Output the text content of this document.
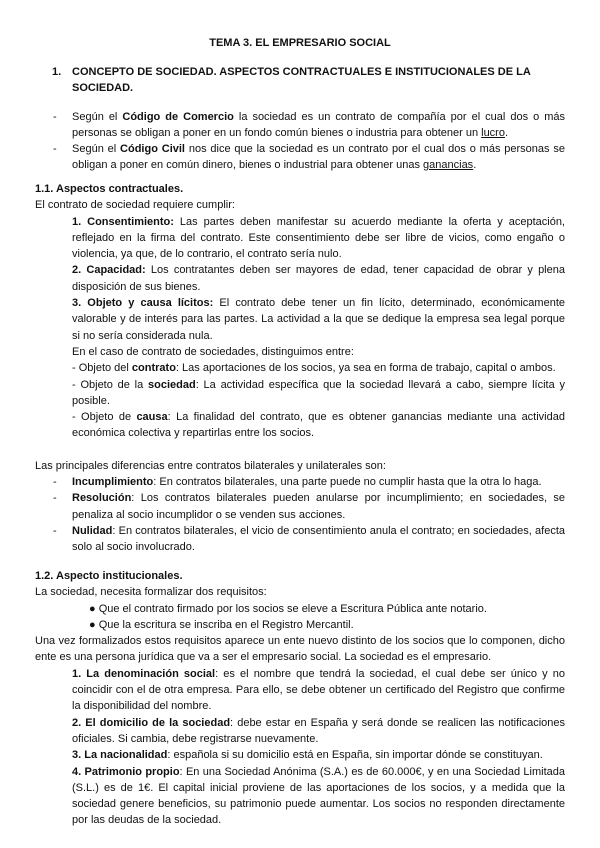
TEMA 3. EL EMPRESARIO SOCIAL
1. CONCEPTO DE SOCIEDAD. ASPECTOS CONTRACTUALES E INSTITUCIONALES DE LA SOCIEDAD.

- Según el Código de Comercio la sociedad es un contrato de compañía por el cual dos o más personas se obligan a poner en un fondo común bienes o industria para obtener un lucro.

- Según el Código Civil nos dice que la sociedad es un contrato por el cual dos o más personas se obligan a poner en común dinero, bienes o industrial para obtener unas ganancias.

1.1. Aspectos contractuales.

El contrato de sociedad requiere cumplir:

1. Consentimiento: Las partes deben manifestar su acuerdo mediante la oferta y aceptación, reflejado en la firma del contrato. Este consentimiento debe ser libre de vicios, como engaño o violencia, ya que, de lo contrario, el contrato sería nulo.

2. Capacidad: Los contratantes deben ser mayores de edad, tener capacidad de obrar y plena disposición de sus bienes.

3. Objeto y causa lícitos: El contrato debe tener un fin lícito, determinado, económicamente valorable y de interés para las partes. La actividad a la que se dedique la empresa sea legal porque si no sería considerada nula.

En el caso de contrato de sociedades, distinguimos entre:

- Objeto del contrato: Las aportaciones de los socios, ya sea en forma de trabajo, capital o ambos.

- Objeto de la sociedad: La actividad específica que la sociedad llevará a cabo, siempre lícita y posible.

- Objeto de causa: La finalidad del contrato, que es obtener ganancias mediante una actividad económica colectiva y repartirlas entre los socios.

Las principales diferencias entre contratos bilaterales y unilaterales son:

- Incumplimiento: En contratos bilaterales, una parte puede no cumplir hasta que la otra lo haga.

- Resolución: Los contratos bilaterales pueden anularse por incumplimiento; en sociedades, se penaliza al socio incumplidor o se venden sus acciones.

- Nulidad: En contratos bilaterales, el vicio de consentimiento anula el contrato; en sociedades, afecta solo al socio involucrado.

1.2. Aspecto institucionales.

La sociedad, necesita formalizar dos requisitos:

● Que el contrato firmado por los socios se eleve a Escritura Pública ante notario.

● Que la escritura se inscriba en el Registro Mercantil.

Una vez formalizados estos requisitos aparece un ente nuevo distinto de los socios que lo componen, dicho ente es una persona jurídica que va a ser el empresario social. La sociedad es el empresario.

1. La denominación social: es el nombre que tendrá la sociedad, el cual debe ser único y no coincidir con el de otra empresa. Para ello, se debe obtener un certificado del Registro que confirme la disponibilidad del nombre.

2. El domicilio de la sociedad: debe estar en España y será donde se realicen las notificaciones oficiales. Si cambia, debe registrarse nuevamente.

3. La nacionalidad: española si su domicilio está en España, sin importar dónde se constituyan.

4. Patrimonio propio: En una Sociedad Anónima (S.A.) es de 60.000€, y en una Sociedad Limitada (S.L.) es de 1€. El capital inicial proviene de las aportaciones de los socios, y a medida que la sociedad genere beneficios, su patrimonio puede aumentar. Los socios no responden directamente por las deudas de la sociedad.
